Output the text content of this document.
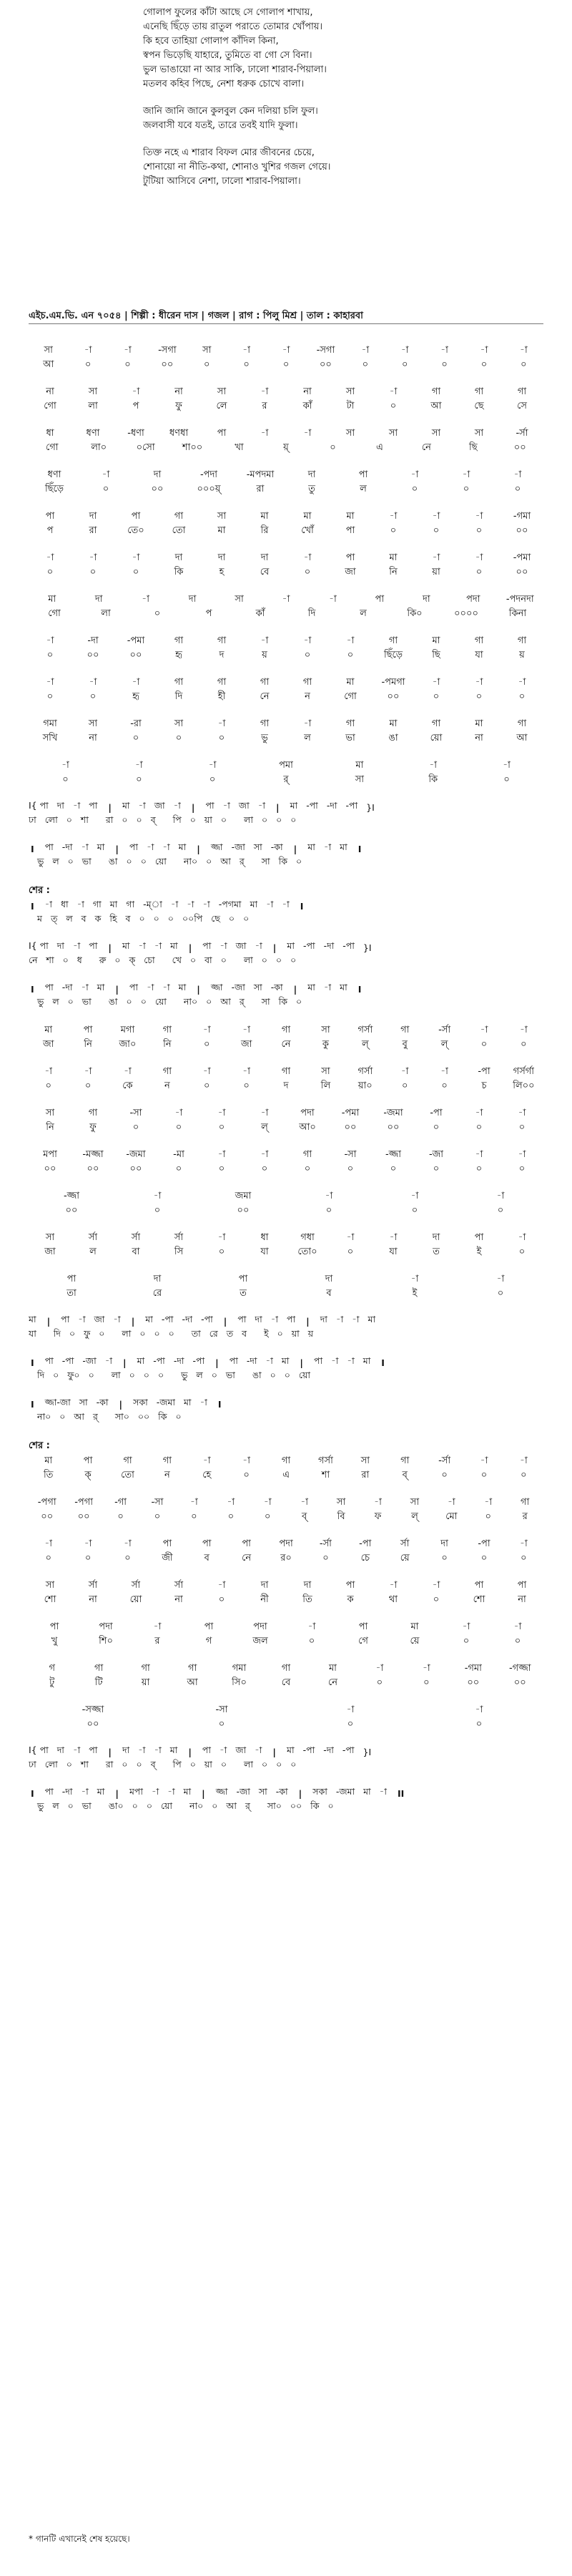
গোলাপ ফুলের কাঁটা আছে সে গোলাপ শাখায়,
এনেছি ছিঁড়ে তায় রাতুল পরাতে তোমার খোঁপায়।
কি হবে তাহিয়া গোলাপ কাঁদিল কিনা,
স্বপন ভিড়েছি যাহারে, তুমিতে বা গো সে বিনা।
ভুল ভাঙায়ো না আর সাকি, ঢালো শারাব-পিয়ালা।
মতলব কহিব পিছে, নেশা ধরুক চোখে বালা।
জানি জানি জানে কুলবুল কেন দলিয়া চলি ফুল।
জলবাসী যবে যতই, তারে তবই যাদি ফুলা।
তিক্ত নহে এ শারাব বিফল মোর জীবনের চেয়ে,
শোনায়ো না নীতি-কথা, শোনাও খুশির গজল গেয়ে।
টুটিয়া আসিবে নেশা, ঢালো শারাব-পিয়ালা।
এইচ.এম.ভি. এন ৭০৫৪ | শিল্পী : ধীরেন দাস | গজল | রাগ : পিলু মিশ্র | তাল : কাহারবা
সা	-া	-া	-সগা	সা	-া	-া	-সগা	-া	-া	-া	-া	-া
আ	০	০	০০	০	০	০	০০	০	০	০	০	০
না	সা	-া	না	সা	-া	না	সা	-া	গা	গা	গা
গো	লা	প	ফু	লে	র	কাঁ	টা	০	আ	ছে	সে
ধা	ধণা	-ধণা	ধণধা	পা	-া	-া	সা	সা	সা	সা	-র্সা
গো	লা০	০সো	শা০০	খা	য়্	০	এ	নে	ছি	০০
ধণা	-া	দা	-পদা	-মপদমা	দা	পা	-া	-া	-া
ছিঁড়ে	০	০০	০০০য়্	রা	তু	ল	০	০	০
পা	দা	পা	গা	সা	মা	মা	মা	-া	-া	-া	-গমা
প	রা	তে০	তো	মা	রি	খোঁ	পা	০	০	০	০০
-া	-া	-া	দা	দা	দা	-া	পা	মা	-া	-া	-পমা
০	০	০	কি	হ	বে	০	জা	নি	য়া	০	০০
মা	দা	-া	দা	সা	-া	-া	পা	দা	পদা	-পদনদা
গো	লা	০	প	কাঁ	দি	ল	কি০	০০০০	কিনা
-া	-দা	-পমা	গা	গা	-া	-া	-া	গা	মা	গা	গা
০	০০	০০	হৃ	দ	য়	০	০	ছিঁড়ে	ছি	যা	য়
-া	-া	-া	গা	গা	গা	গা	মা	-পমগা	-া	-া	-া
০	০	হৃ	দি	হী	নে	ন	গো	০০	০	০	০
গমা	সা	-রা	সা	-া	গা	-া	গা	মা	গা	মা	গা
সখি	না	০	০	০	ভু	ল	ভা	ঙা	য়ো	না	আ
-া	-া	-া	পমা	মা	-া	-া
০	০	০	র্	সা	কি	০
I{ পা দা -া পা | মা -া জা -া | পা -া জা -া | মা -পা -দা -পা }I
ঢা লো ০ শা রা ০ ০ ব্ পি ০ য়া ০ লা ০ ০ ০
I পা -দা -া মা | পা -া -া মা | জ্জা -জা সা -কা | মা -া মা I
ভু ল ০ ভা ঙা ০ ০ য়ো না০ ০ আ র্ সা কি ০
শের :
I -া ধা -া গা মা গা -ম্া -া -া -া -পগমা মা -া -া I
ম ত্ ল ব ক হি ব ০ ০ ০ ০০পি ছে ০ ০
I{ পা দা -া পা | মা -া -া মা | পা -া জা -া | মা -পা -দা -পা }I
নে শা ০ ধ রু ০ ক্ চো খে ০ বা ০ লা ০ ০ ০
I পা -দা -া মা | পা -া -া মা | জ্জা -জা সা -কা | মা -া মা I
ভু ল ০ ভা ঙা ০ ০ য়ো না০ ০ আ র্ সা কি ০
মা	পা	মগা	গা	-া	-া	গা	সা	গর্সা	গা	-র্সা	-া	-া
জা	নি	জা০	নি	০	জা	নে	কু	ল্	বু	ল্	০	০
-া	-া	-া	গা	-া	-া	গা	সা	গর্সা	-া	-া	-পা	গর্সর্গা
০	০	কে	ন	০	০	দ	লি	য়া০	০	০	চ	লি০০
সা	গা	-সা	-া	-া	-া	পদা	-পমা	-জমা	-পা	-া	-া
নি	ফু	০	০	০	ল্	আ০	০০	০০	০	০	০
মপা	-মজ্জা	-জমা	-মা	-া	-া	গা	-সা	-জ্জা	-জা	-া	-া
০০	০০	০০	০	০	০	০	০	০	০	০	০
-জ্জা	-া	জমা	-া	-া	-া
০০	০	০০	০	০	০
সা	র্সা	র্সা	র্সা	-া	ধা	গধা	-া	-া	দা	পা	-া
জা	ল	বা	সি	০	যা	তো০	০	যা	ত	ই	০
পা	দা	পা	দা	-া	-া
তা	রে	ত	ব	ই	০
মা | পা -া জা -া | মা -পা -দা -পা | পা দা -া পা | দা -া -া মা
যা দি ০ ফু ০ লা ০ ০ ০ তা রে ত ব ই ০ য়া য়
I পা -পা -জা -া | মা -পা -দা -পা | পা -দা -া মা | পা -া -া মা I
দি ০ ফু০ ০ লা ০ ০ ০ ভু ল ০ ভা ঙা ০ ০ য়ো
I জ্জা-জা সা -কা | সকা -জমা মা -া I
না০ ০ আ র্ সা০ ০০ কি ০
শের :
মা	পা	গা	গা	-া	-া	গা	গর্সা	সা	গা	-র্সা	-া	-া
তি	ক্	তো	ন	হে	০	এ	শা	রা	ব্	০	০	০
-পগা	-পগা	-গা	-সা	-া	-া	-া	-া	সা	-া	সা	-া	-া	গা
০০	০০	০	০	০	০	০	ব্	বি	ফ	ল্	মো	০	র
-া	-া	-া	পা	পা	পা	পদা	-র্সা	-পা	র্সা	দা	-পা	-া
০	০	০	জী	ব	নে	র০	০	চে	য়ে	০	০	০
সা	র্সা	র্সা	র্সা	-া	দা	দা	পা	-া	-া	পা	পা
শো	না	য়ো	না	০	নী	তি	ক	থা	০	শো	না
পা	পদা	-া	পা	পদা	-া	পা	মা	-া	-া
খু	শি০	র	গ	জল	০	গে	য়ে	০	০
গ	গা	গা	গা	গমা	গা	মা	-া	-া	-গমা	-গজ্জা
টু	টি	য়া	আ	সি০	বে	নে	০	০	০০	০০
-সজ্জা	-সা	-া	-া
০০	০	০	০
I{ পা দা -া পা | দা -া -া মা | পা -া জা -া | মা -পা -দা -পা }I
ঢা লো ০ শা রা ০ ০ ব্ পি ০ য়া ০ লা ০ ০ ০
I পা -দা -া মা | মপা -া -া মা | জ্জা -জা সা -কা | সকা -জমা মা -া II
ভু ল ০ ভা ঙা০ ০ ০ য়ো না০ ০ আ র্ সা০ ০০ কি ০
* গানটি এখানেই শেষ হয়েছে।
